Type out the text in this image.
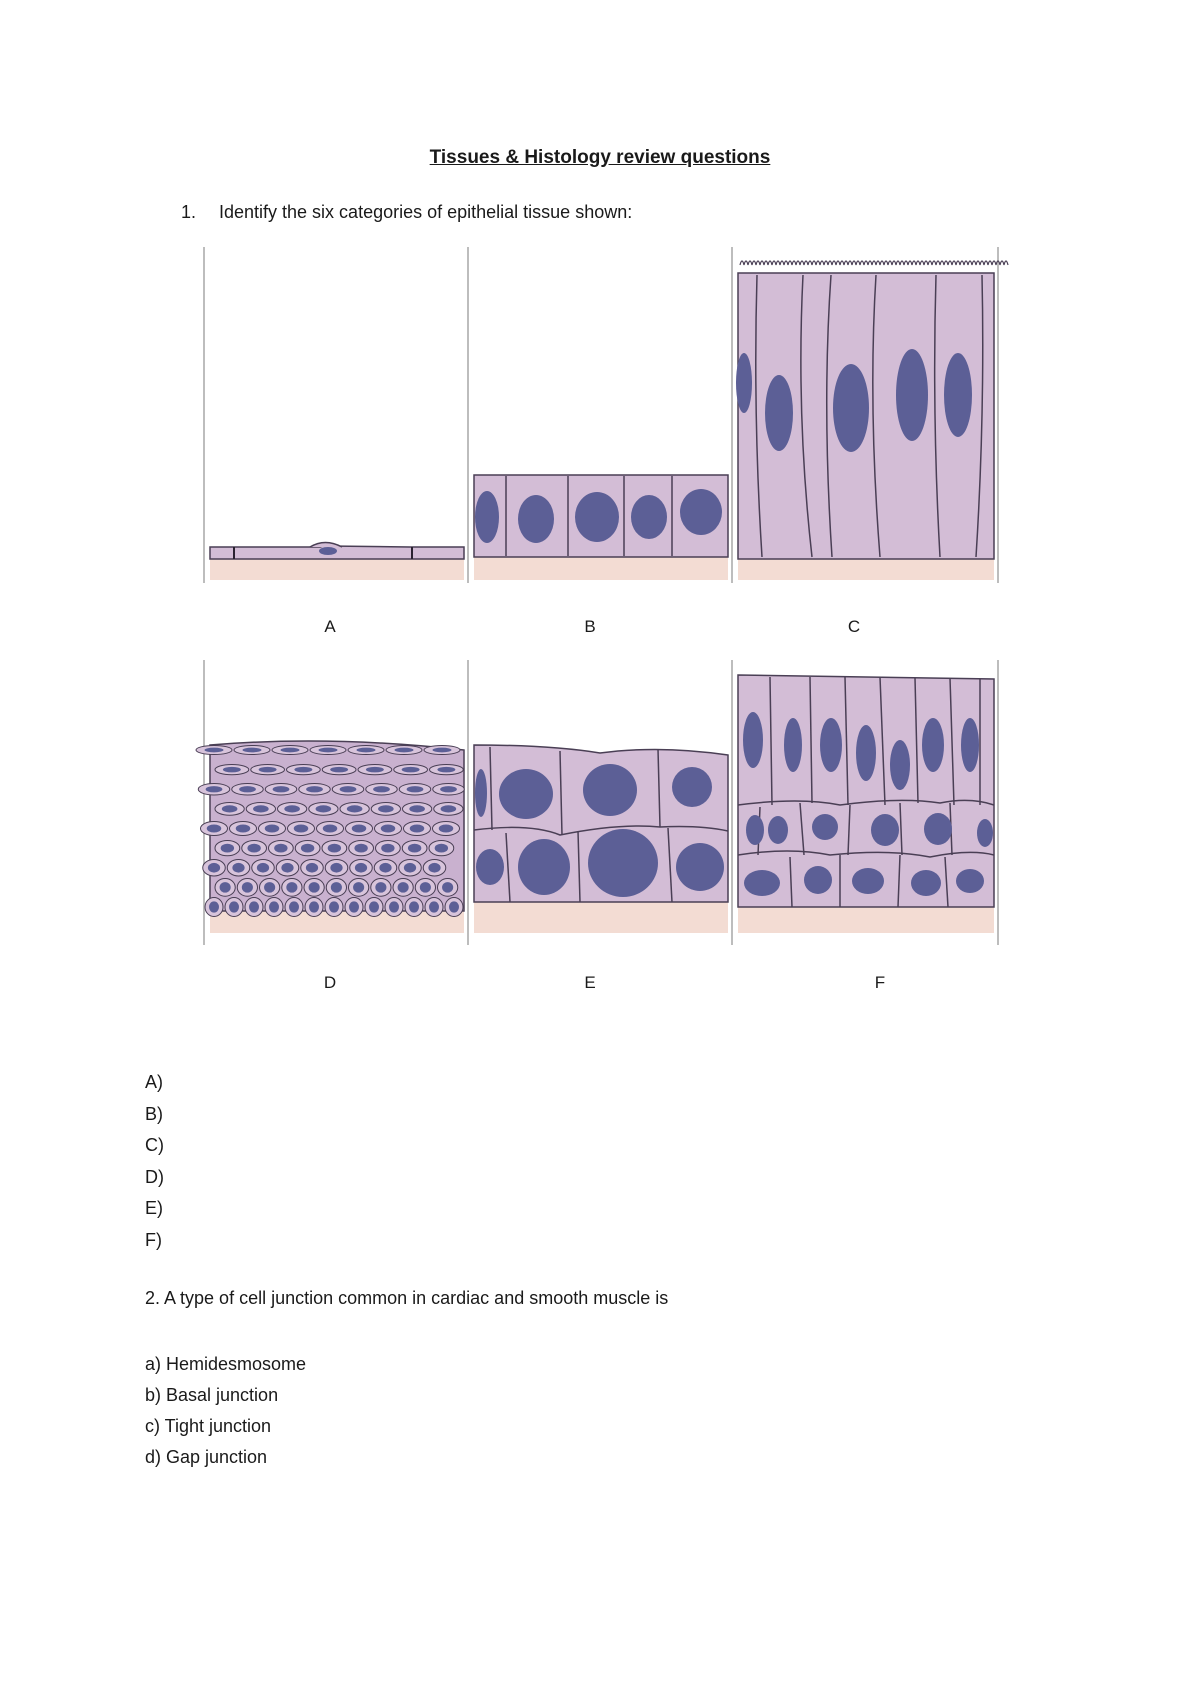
Tissues & Histology review questions
1. Identify the six categories of epithelial tissue shown:
A	B	C
D	E	F
A)
B)
C)
D)
E)
F)
2. A type of cell junction common in cardiac and smooth muscle is
a) Hemidesmosome
b) Basal junction
c) Tight junction
d) Gap junction
